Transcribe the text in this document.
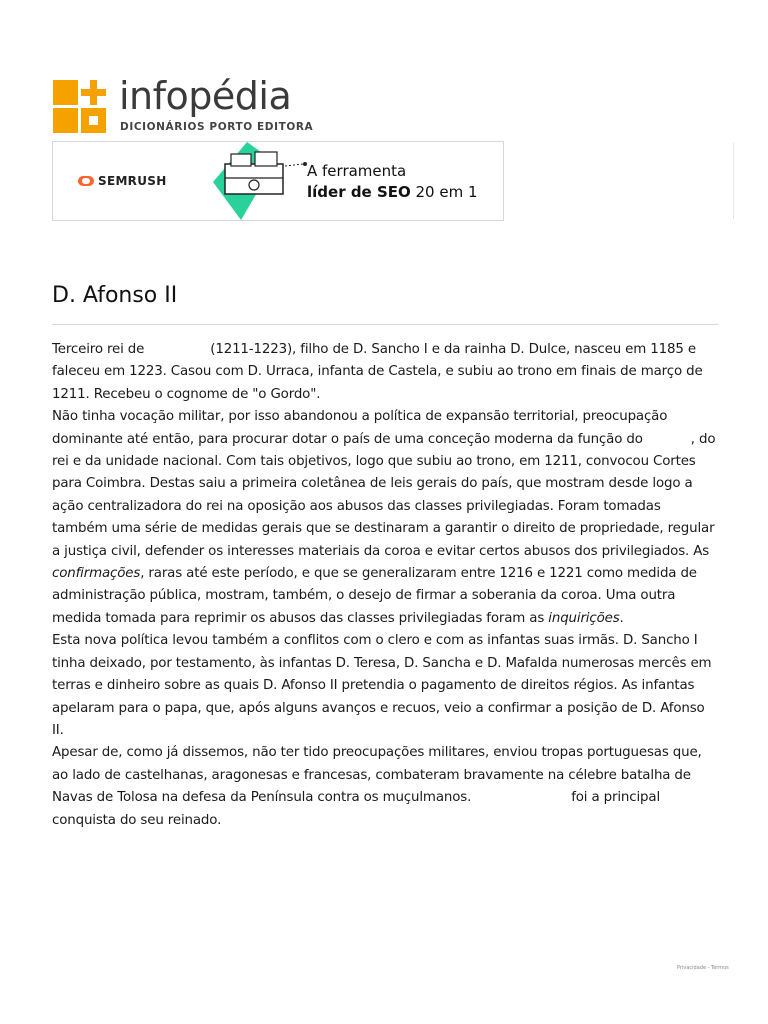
infopédia
DICIONÁRIOS PORTO EDITORA
SEMRUSH
A ferramenta
líder de SEO 20 em 1
D. Afonso II

Terceiro rei de	(1211-1223), filho de D. Sancho I e da rainha D. Dulce, nasceu em 1185 e faleceu em 1223. Casou com D. Urraca, infanta de Castela, e subiu ao trono em finais de março de 1211. Recebeu o cognome de "o Gordo".

Não tinha vocação militar, por isso abandonou a política de expansão territorial, preocupação dominante até então, para procurar dotar o país de uma conceção moderna da função do	, do rei e da unidade nacional. Com tais objetivos, logo que subiu ao trono, em 1211, convocou Cortes para Coimbra. Destas saiu a primeira coletânea de leis gerais do país, que mostram desde logo a ação centralizadora do rei na oposição aos abusos das classes privilegiadas. Foram tomadas também uma série de medidas gerais que se destinaram a garantir o direito de propriedade, regular a justiça civil, defender os interesses materiais da coroa e evitar certos abusos dos privilegiados. As confirmações, raras até este período, e que se generalizaram entre 1216 e 1221 como medida de administração pública, mostram, também, o desejo de firmar a soberania da coroa. Uma outra medida tomada para reprimir os abusos das classes privilegiadas foram as inquirições.

Esta nova política levou também a conflitos com o clero e com as infantas suas irmãs. D. Sancho I tinha deixado, por testamento, às infantas D. Teresa, D. Sancha e D. Mafalda numerosas mercês em terras e dinheiro sobre as quais D. Afonso II pretendia o pagamento de direitos régios. As infantas apelaram para o papa, que, após alguns avanços e recuos, veio a confirmar a posição de D. Afonso II.

Apesar de, como já dissemos, não ter tido preocupações militares, enviou tropas portuguesas que, ao lado de castelhanas, aragonesas e francesas, combateram bravamente na célebre batalha de Navas de Tolosa na defesa da Península contra os muçulmanos.	foi a principal conquista do seu reinado.

Privacidade - Termos
